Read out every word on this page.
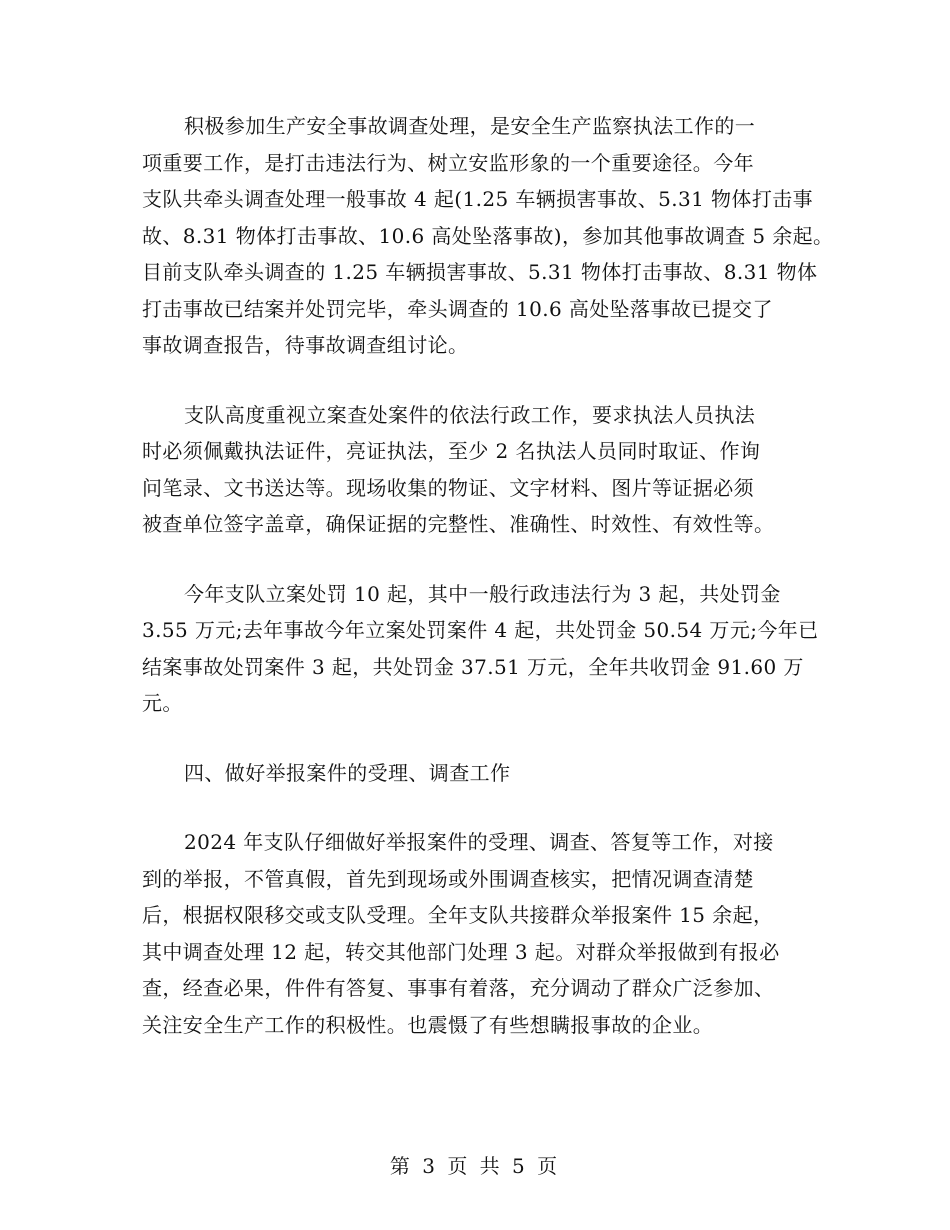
积极参加生产安全事故调查处理，是安全生产监察执法工作的一
项重要工作，是打击违法行为、树立安监形象的一个重要途径。今年
支队共牵头调查处理一般事故 4 起(1.25 车辆损害事故、5.31 物体打击事
故、8.31 物体打击事故、10.6 高处坠落事故)，参加其他事故调查 5 余起。
目前支队牵头调查的 1.25 车辆损害事故、5.31 物体打击事故、8.31 物体
打击事故已结案并处罚完毕，牵头调查的 10.6 高处坠落事故已提交了
事故调查报告，待事故调查组讨论。
支队高度重视立案查处案件的依法行政工作，要求执法人员执法
时必须佩戴执法证件，亮证执法，至少 2 名执法人员同时取证、作询
问笔录、文书送达等。现场收集的物证、文字材料、图片等证据必须
被查单位签字盖章，确保证据的完整性、准确性、时效性、有效性等。
今年支队立案处罚 10 起，其中一般行政违法行为 3 起，共处罚金
3.55 万元;去年事故今年立案处罚案件 4 起，共处罚金 50.54 万元;今年已
结案事故处罚案件 3 起，共处罚金 37.51 万元，全年共收罚金 91.60 万
元。
四、做好举报案件的受理、调查工作
2024 年支队仔细做好举报案件的受理、调查、答复等工作，对接
到的举报，不管真假，首先到现场或外围调查核实，把情况调查清楚
后，根据权限移交或支队受理。全年支队共接群众举报案件 15 余起，
其中调查处理 12 起，转交其他部门处理 3 起。对群众举报做到有报必
查，经查必果，件件有答复、事事有着落，充分调动了群众广泛参加、
关注安全生产工作的积极性。也震慑了有些想瞒报事故的企业。
第 3 页 共 5 页
